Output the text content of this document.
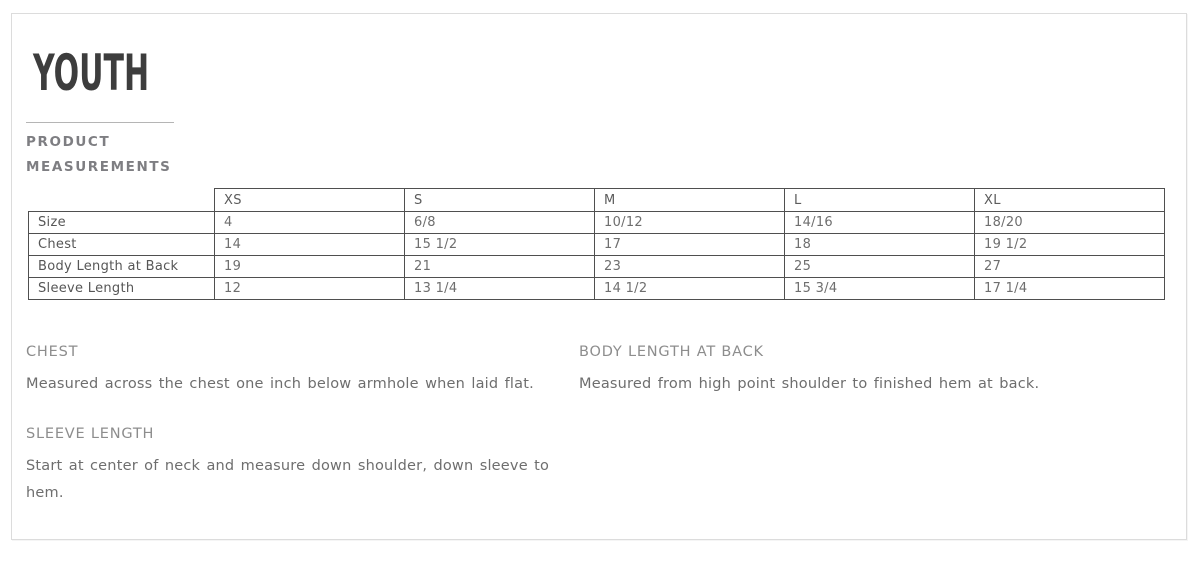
YOUTH
PRODUCT MEASUREMENTS
	XS	S	M	L	XL
Size	4	6/8	10/12	14/16	18/20
Chest	14	15 1/2	17	18	19 1/2
Body Length at Back	19	21	23	25	27
Sleeve Length	12	13 1/4	14 1/2	15 3/4	17 1/4
CHEST

Measured across the chest one inch below armhole when laid flat.

BODY LENGTH AT BACK

Measured from high point shoulder to finished hem at back.

SLEEVE LENGTH

Start at center of neck and measure down shoulder, down sleeve to hem.
